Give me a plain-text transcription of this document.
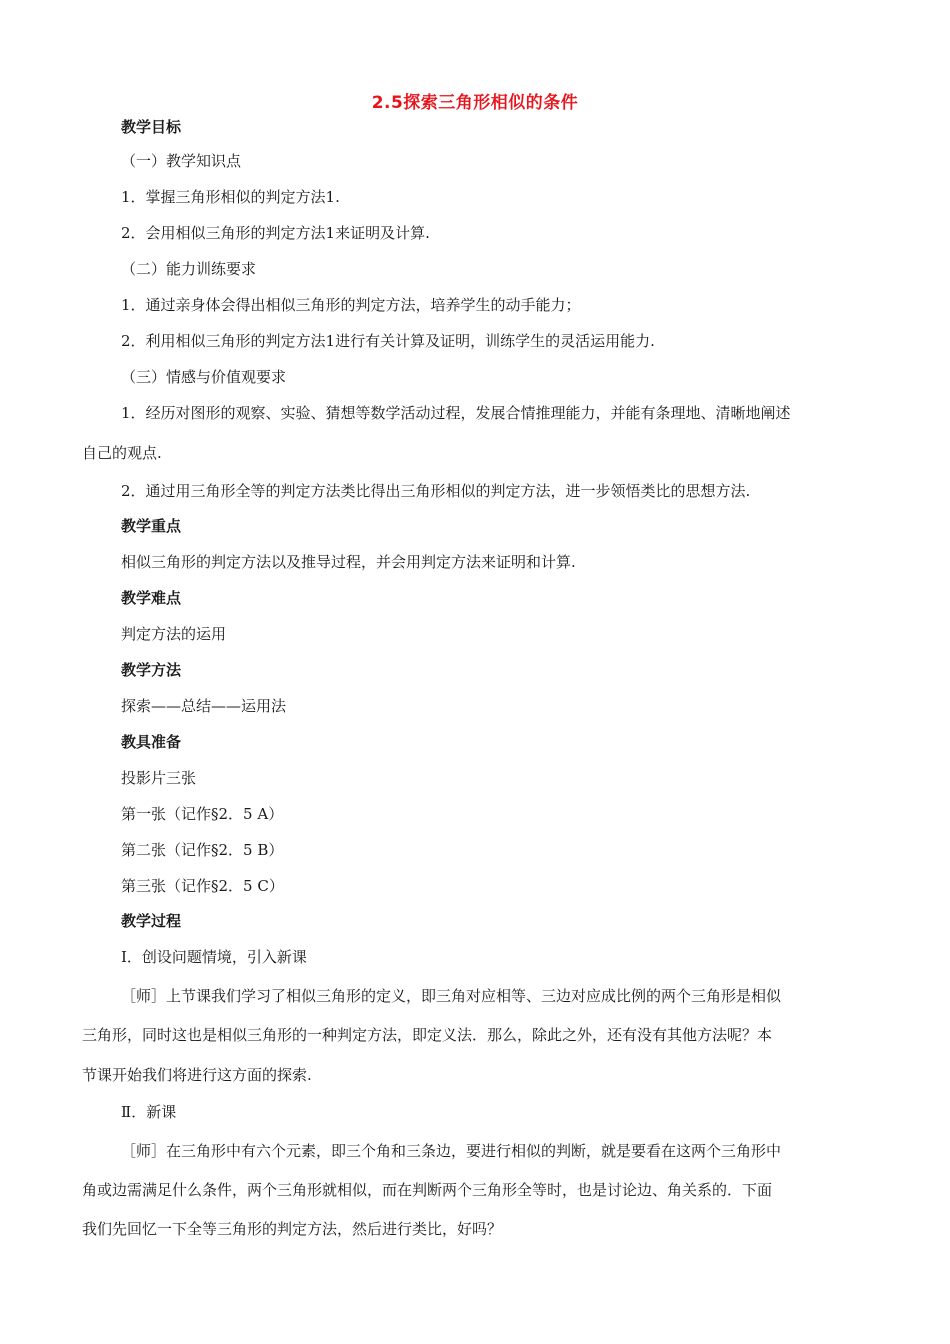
2.5探索三角形相似的条件
教学目标
（一）教学知识点
1．掌握三角形相似的判定方法1.
2．会用相似三角形的判定方法1来证明及计算.
（二）能力训练要求
1．通过亲身体会得出相似三角形的判定方法，培养学生的动手能力；
2．利用相似三角形的判定方法1进行有关计算及证明，训练学生的灵活运用能力.
（三）情感与价值观要求
1．经历对图形的观察、实验、猜想等数学活动过程，发展合情推理能力，并能有条理地、清晰地阐述
自己的观点.
2．通过用三角形全等的判定方法类比得出三角形相似的判定方法，进一步领悟类比的思想方法.
教学重点
相似三角形的判定方法以及推导过程，并会用判定方法来证明和计算.
教学难点
判定方法的运用
教学方法
探索——总结——运用法
教具准备
投影片三张
第一张（记作§2．5 A）
第二张（记作§2．5 B）
第三张（记作§2．5 C）
教学过程
Ⅰ．创设问题情境，引入新课
［师］上节课我们学习了相似三角形的定义，即三角对应相等、三边对应成比例的两个三角形是相似
三角形，同时这也是相似三角形的一种判定方法，即定义法．那么，除此之外，还有没有其他方法呢？本
节课开始我们将进行这方面的探索.
Ⅱ．新课
［师］在三角形中有六个元素，即三个角和三条边，要进行相似的判断，就是要看在这两个三角形中
角或边需满足什么条件，两个三角形就相似，而在判断两个三角形全等时，也是讨论边、角关系的．下面
我们先回忆一下全等三角形的判定方法，然后进行类比，好吗？
